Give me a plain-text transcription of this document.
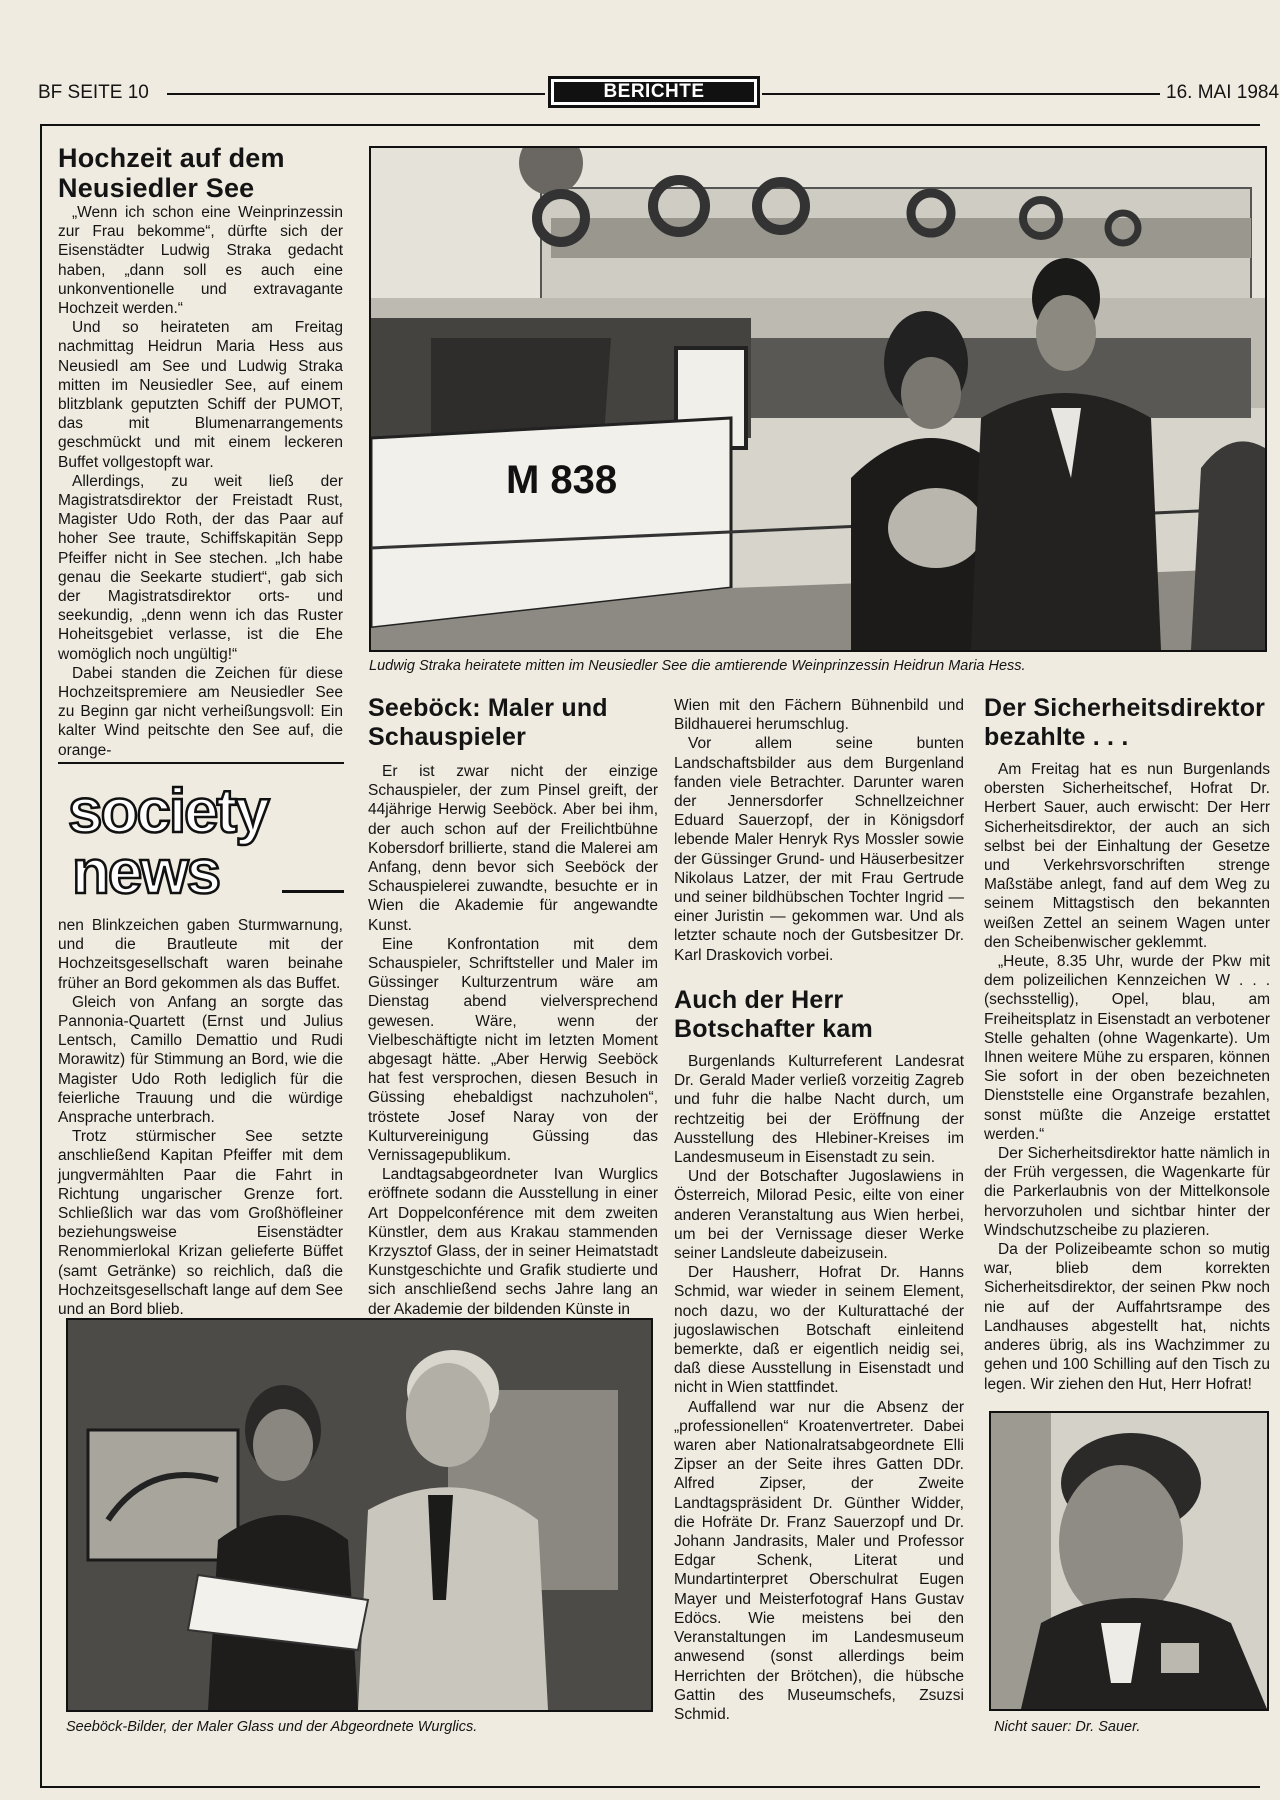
BF SEITE 10	BERICHTE	16. MAI 1984
Hochzeit auf dem Neusiedler See

„Wenn ich schon eine Weinprinzessin zur Frau bekomme“, dürfte sich der Eisenstädter Ludwig Straka gedacht haben, „dann soll es auch eine unkonventionelle und extravagante Hochzeit werden.“

Und so heirateten am Freitag nachmittag Heidrun Maria Hess aus Neusiedl am See und Ludwig Straka mitten im Neusiedler See, auf einem blitzblank geputzten Schiff der PUMOT, das mit Blumenarrangements geschmückt und mit einem leckeren Buffet vollgestopft war.

Allerdings, zu weit ließ der Magistratsdirektor der Freistadt Rust, Magister Udo Roth, der das Paar auf hoher See traute, Schiffskapitän Sepp Pfeiffer nicht in See stechen. „Ich habe genau die Seekarte studiert“, gab sich der Magistratsdirektor orts- und seekundig, „denn wenn ich das Ruster Hoheitsgebiet verlasse, ist die Ehe womöglich noch ungültig!“

Dabei standen die Zeichen für diese Hochzeitspremiere am Neusiedler See zu Beginn gar nicht verheißungsvoll: Ein kalter Wind peitschte den See auf, die orange-

society
news

nen Blinkzeichen gaben Sturmwarnung, und die Brautleute mit der Hochzeitsgesellschaft waren beinahe früher an Bord gekommen als das Buffet.

Gleich von Anfang an sorgte das Pannonia-Quartett (Ernst und Julius Lentsch, Camillo Demattio und Rudi Morawitz) für Stimmung an Bord, wie die Magister Udo Roth lediglich für die feierliche Trauung und die würdige Ansprache unterbrach.

Trotz stürmischer See setzte anschließend Kapitan Pfeiffer mit dem jungvermählten Paar die Fahrt in Richtung ungarischer Grenze fort. Schließlich war das vom Großhöfleiner beziehungsweise Eisenstädter Renommierlokal Krizan gelieferte Büffet (samt Getränke) so reichlich, daß die Hochzeitsgesellschaft lange auf dem See und an Bord blieb.

M 838

Ludwig Straka heiratete mitten im Neusiedler See die amtierende Weinprinzessin Heidrun Maria Hess.

Seeböck: Maler und Schauspieler

Er ist zwar nicht der einzige Schauspieler, der zum Pinsel greift, der 44jährige Herwig Seeböck. Aber bei ihm, der auch schon auf der Freilichtbühne Kobersdorf brillierte, stand die Malerei am Anfang, denn bevor sich Seeböck der Schauspielerei zuwandte, besuchte er in Wien die Akademie für angewandte Kunst.

Eine Konfrontation mit dem Schauspieler, Schriftsteller und Maler im Güssinger Kulturzentrum wäre am Dienstag abend vielversprechend gewesen. Wäre, wenn der Vielbeschäftigte nicht im letzten Moment abgesagt hätte. „Aber Herwig Seeböck hat fest versprochen, diesen Besuch in Güssing ehebaldigst nachzuholen“, tröstete Josef Naray von der Kulturvereinigung Güssing das Vernissagepublikum.

Landtagsabgeordneter Ivan Wurglics eröffnete sodann die Ausstellung in einer Art Doppelconférence mit dem zweiten Künstler, dem aus Krakau stammenden Krzysztof Glass, der in seiner Heimatstadt Kunstgeschichte und Grafik studierte und sich anschließend sechs Jahre lang an der Akademie der bildenden Künste in

Wien mit den Fächern Bühnenbild und Bildhauerei herumschlug.

Vor allem seine bunten Landschaftsbilder aus dem Burgenland fanden viele Betrachter. Darunter waren der Jennersdorfer Schnellzeichner Eduard Sauerzopf, der in Königsdorf lebende Maler Henryk Rys Mossler sowie der Güssinger Grund- und Häuserbesitzer Nikolaus Latzer, der mit Frau Gertrude und seiner bildhübschen Tochter Ingrid — einer Juristin — gekommen war. Und als letzter schaute noch der Gutsbesitzer Dr. Karl Draskovich vorbei.

Auch der Herr Botschafter kam

Burgenlands Kulturreferent Landesrat Dr. Gerald Mader verließ vorzeitig Zagreb und fuhr die halbe Nacht durch, um rechtzeitig bei der Eröffnung der Ausstellung des Hlebiner-Kreises im Landesmuseum in Eisenstadt zu sein.

Und der Botschafter Jugoslawiens in Österreich, Milorad Pesic, eilte von einer anderen Veranstaltung aus Wien herbei, um bei der Vernissage dieser Werke seiner Landsleute dabeizusein.

Der Hausherr, Hofrat Dr. Hanns Schmid, war wieder in seinem Element, noch dazu, wo der Kulturattaché der jugoslawischen Botschaft einleitend bemerkte, daß er eigentlich neidig sei, daß diese Ausstellung in Eisenstadt und nicht in Wien stattfindet.

Auffallend war nur die Absenz der „professionellen“ Kroatenvertreter. Dabei waren aber Nationalratsabgeordnete Elli Zipser an der Seite ihres Gatten DDr. Alfred Zipser, der Zweite Landtagspräsident Dr. Günther Widder, die Hofräte Dr. Franz Sauerzopf und Dr. Johann Jandrasits, Maler und Professor Edgar Schenk, Literat und Mundartinterpret Oberschulrat Eugen Mayer und Meisterfotograf Hans Gustav Edöcs. Wie meistens bei den Veranstaltungen im Landesmuseum anwesend (sonst allerdings beim Herrichten der Brötchen), die hübsche Gattin des Museumschefs, Zsuzsi Schmid.

Der Sicherheitsdirektor bezahlte . . .

Am Freitag hat es nun Burgenlands obersten Sicherheitschef, Hofrat Dr. Herbert Sauer, auch erwischt: Der Herr Sicherheitsdirektor, der auch an sich selbst bei der Einhaltung der Gesetze und Verkehrsvorschriften strenge Maßstäbe anlegt, fand auf dem Weg zu seinem Mittagstisch den bekannten weißen Zettel an seinem Wagen unter den Scheibenwischer geklemmt.

„Heute, 8.35 Uhr, wurde der Pkw mit dem polizeilichen Kennzeichen W . . . (sechsstellig), Opel, blau, am Freiheitsplatz in Eisenstadt an verbotener Stelle gehalten (ohne Wagenkarte). Um Ihnen weitere Mühe zu ersparen, können Sie sofort in der oben bezeichneten Dienststelle eine Organstrafe bezahlen, sonst müßte die Anzeige erstattet werden.“

Der Sicherheitsdirektor hatte nämlich in der Früh vergessen, die Wagenkarte für die Parkerlaubnis von der Mittelkonsole hervorzuholen und sichtbar hinter der Windschutzscheibe zu plazieren.

Da der Polizeibeamte schon so mutig war, blieb dem korrekten Sicherheitsdirektor, der seinen Pkw noch nie auf der Auffahrtsrampe des Landhauses abgestellt hat, nichts anderes übrig, als ins Wachzimmer zu gehen und 100 Schilling auf den Tisch zu legen. Wir ziehen den Hut, Herr Hofrat!

Seeböck-Bilder, der Maler Glass und der Abgeordnete Wurglics.	Nicht sauer: Dr. Sauer.
